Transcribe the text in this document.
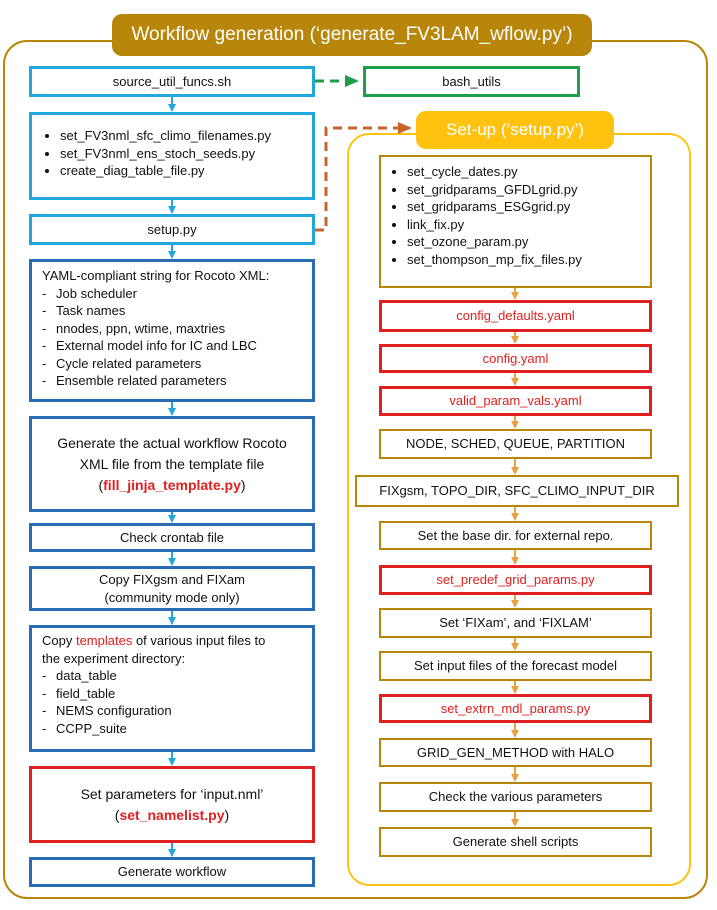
Workflow generation (‘generate_FV3LAM_wflow.py’)
Set-up (‘setup.py’)
source_util_funcs.sh	bash_utils
• set_FV3nml_sfc_climo_filenames.py
• set_FV3nml_ens_stoch_seeds.py
• create_diag_table_file.py
setup.py
YAML-compliant string for Rocoto XML:
- Job scheduler
- Task names
- nnodes, ppn, wtime, maxtries
- External model info for IC and LBC
- Cycle related parameters
- Ensemble related parameters
Generate the actual workflow Rocoto
XML file from the template file
(fill_jinja_template.py)
Check crontab file
Copy FIXgsm and FIXam
(community mode only)
Copy templates of various input files to
the experiment directory:
- data_table
- field_table
- NEMS configuration
- CCPP_suite
Set parameters for ‘input.nml’
(set_namelist.py)
Generate workflow
• set_cycle_dates.py
• set_gridparams_GFDLgrid.py
• set_gridparams_ESGgrid.py
• link_fix.py
• set_ozone_param.py
• set_thompson_mp_fix_files.py
config_defaults.yaml
config.yaml
valid_param_vals.yaml
NODE, SCHED, QUEUE, PARTITION
FIXgsm, TOPO_DIR, SFC_CLIMO_INPUT_DIR
Set the base dir. for external repo.
set_predef_grid_params.py
Set ‘FIXam’, and ‘FIXLAM’
Set input files of the forecast model
set_extrn_mdl_params.py
GRID_GEN_METHOD with HALO
Check the various parameters
Generate shell scripts
